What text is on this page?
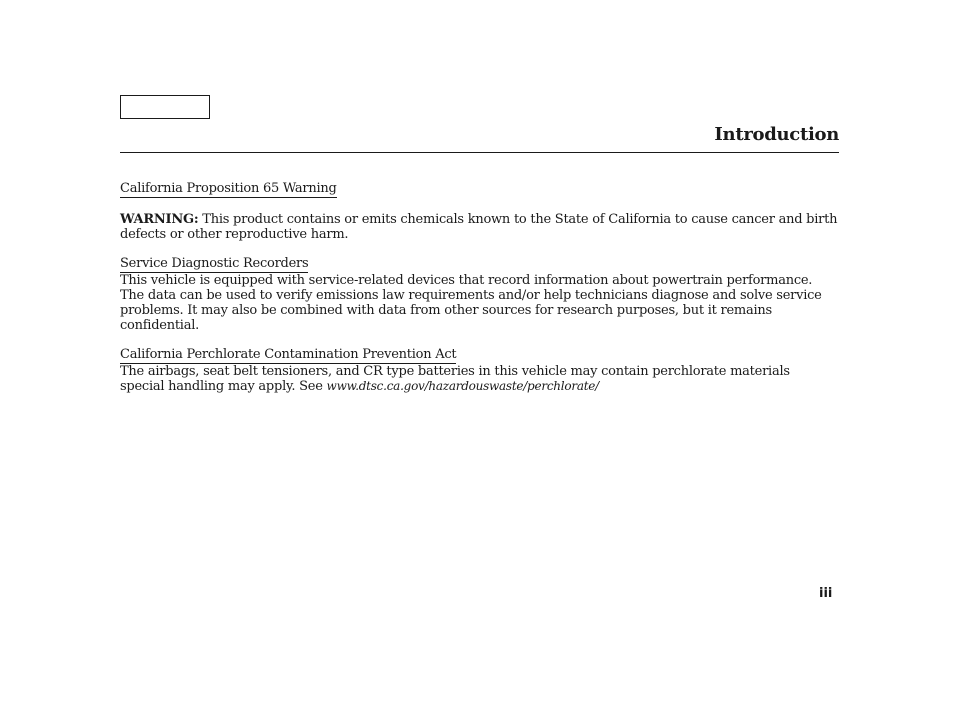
Introduction
California Proposition 65 Warning

WARNING: This product contains or emits chemicals known to the State of California to cause cancer and birth defects or other reproductive harm.

Service Diagnostic Recorders

This vehicle is equipped with service-related devices that record information about powertrain performance. The data can be used to verify emissions law requirements and/or help technicians diagnose and solve service problems. It may also be combined with data from other sources for research purposes, but it remains confidential.

California Perchlorate Contamination Prevention Act

The airbags, seat belt tensioners, and CR type batteries in this vehicle may contain perchlorate materialsspecial handling may apply. See www.dtsc.ca.gov/hazardouswaste/perchlorate/

iii
